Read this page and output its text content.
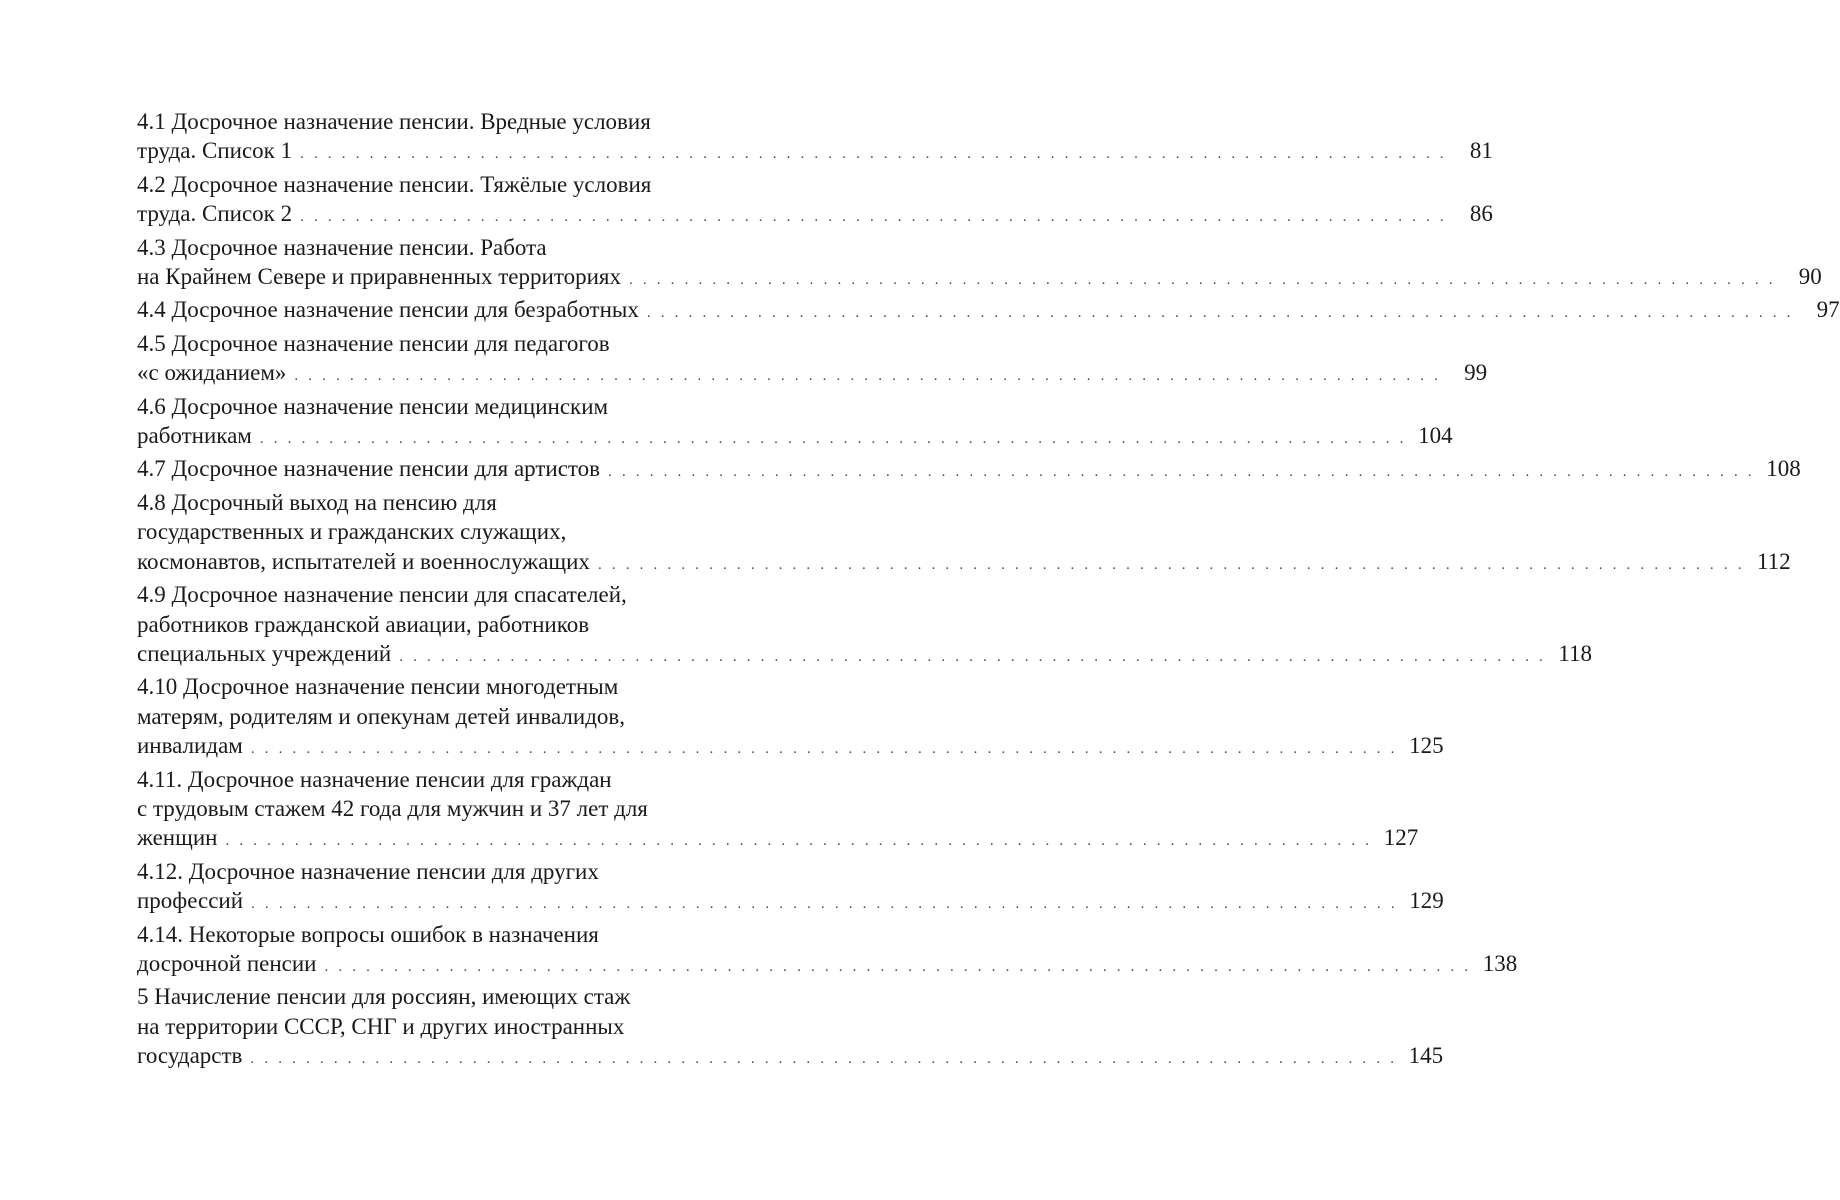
4.1 Досрочное назначение пенсии. Вредные условия
труда. Список 1 . . . . . . . . . . . . . . . . . . . . . . . . . . . . . . . . . . . . . . . . . . . . . . . . . . . . . . . . . . . . . . . . . . . . . . . . . . . . . . . . . . .	81
4.2 Досрочное назначение пенсии. Тяжёлые условия
труда. Список 2 . . . . . . . . . . . . . . . . . . . . . . . . . . . . . . . . . . . . . . . . . . . . . . . . . . . . . . . . . . . . . . . . . . . . . . . . . . . . . . . . . . .	86
4.3 Досрочное назначение пенсии. Работа
на Крайнем Севере и приравненных территориях . . . . . . . . . . . . . . . . . . . . . . . . . . . . . . . . . . . . . . . . . . . . . . . . . . . . . . . . . . . . . . . . . . . . . . . . . . . . . . . . . . .	90
4.4 Досрочное назначение пенсии для безработных . . . . . . . . . . . . . . . . . . . . . . . . . . . . . . . . . . . . . . . . . . . . . . . . . . . . . . . . . . . . . . . . . . . . . . . . . . . . . . . . . . .	97
4.5 Досрочное назначение пенсии для педагогов
«с ожиданием» . . . . . . . . . . . . . . . . . . . . . . . . . . . . . . . . . . . . . . . . . . . . . . . . . . . . . . . . . . . . . . . . . . . . . . . . . . . . . . . . . . .	99
4.6 Досрочное назначение пенсии медицинским
работникам . . . . . . . . . . . . . . . . . . . . . . . . . . . . . . . . . . . . . . . . . . . . . . . . . . . . . . . . . . . . . . . . . . . . . . . . . . . . . . . . . . . 104
4.7 Досрочное назначение пенсии для артистов . . . . . . . . . . . . . . . . . . . . . . . . . . . . . . . . . . . . . . . . . . . . . . . . . . . . . . . . . . . . . . . . . . . . . . . . . . . . . . . . . . . 108
4.8 Досрочный выход на пенсию для
государственных и гражданских служащих,
космонавтов, испытателей и военнослужащих . . . . . . . . . . . . . . . . . . . . . . . . . . . . . . . . . . . . . . . . . . . . . . . . . . . . . . . . . . . . . . . . . . . . . . . . . . . . . . . . . . . 112
4.9 Досрочное назначение пенсии для спасателей,
работников гражданской авиации, работников
специальных учреждений . . . . . . . . . . . . . . . . . . . . . . . . . . . . . . . . . . . . . . . . . . . . . . . . . . . . . . . . . . . . . . . . . . . . . . . . . . . . . . . . . . . 118
4.10 Досрочное назначение пенсии многодетным
матерям, родителям и опекунам детей инвалидов,
инвалидам . . . . . . . . . . . . . . . . . . . . . . . . . . . . . . . . . . . . . . . . . . . . . . . . . . . . . . . . . . . . . . . . . . . . . . . . . . . . . . . . . . . 125
4.11. Досрочное назначение пенсии для граждан
с трудовым стажем 42 года для мужчин и 37 лет для
женщин . . . . . . . . . . . . . . . . . . . . . . . . . . . . . . . . . . . . . . . . . . . . . . . . . . . . . . . . . . . . . . . . . . . . . . . . . . . . . . . . . . . 127
4.12. Досрочное назначение пенсии для других
профессий . . . . . . . . . . . . . . . . . . . . . . . . . . . . . . . . . . . . . . . . . . . . . . . . . . . . . . . . . . . . . . . . . . . . . . . . . . . . . . . . . . . 129
4.14. Некоторые вопросы ошибок в назначения
досрочной пенсии . . . . . . . . . . . . . . . . . . . . . . . . . . . . . . . . . . . . . . . . . . . . . . . . . . . . . . . . . . . . . . . . . . . . . . . . . . . . . . . . . . . 138
5 Начисление пенсии для россиян, имеющих стаж
на территории СССР, СНГ и других иностранных
государств . . . . . . . . . . . . . . . . . . . . . . . . . . . . . . . . . . . . . . . . . . . . . . . . . . . . . . . . . . . . . . . . . . . . . . . . . . . . . . . . . . . 145
